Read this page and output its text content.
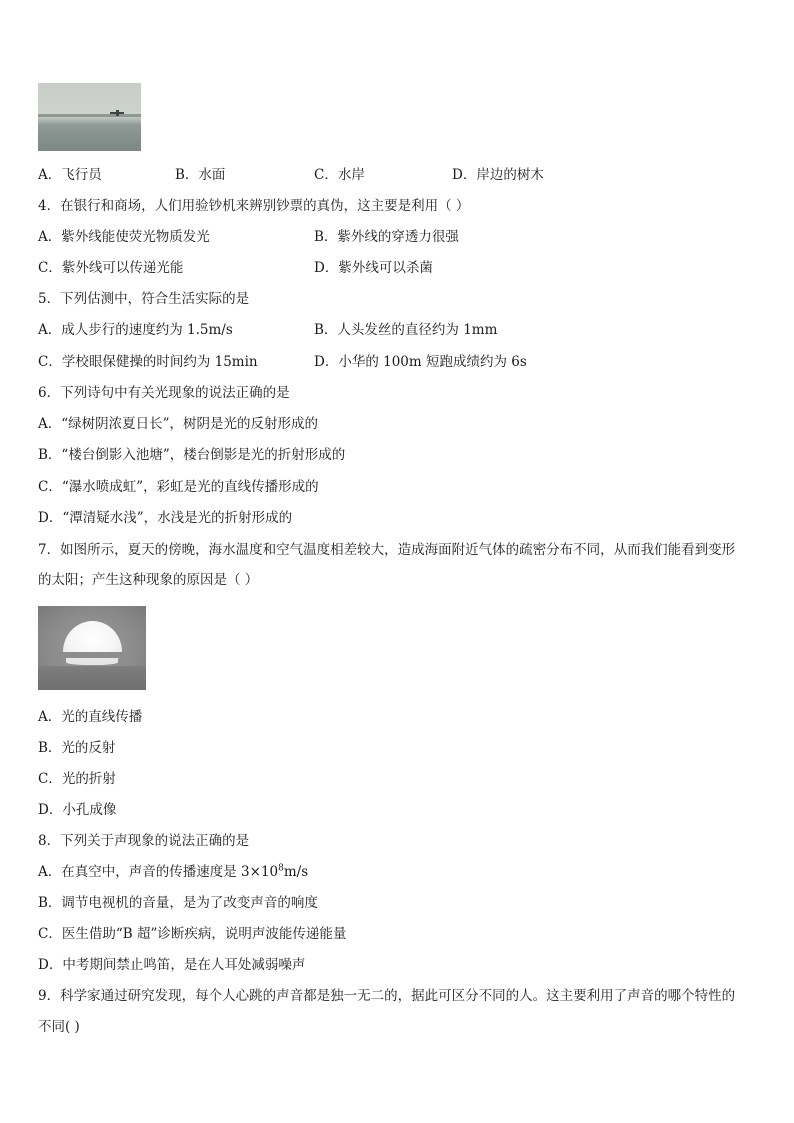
A．飞行员	B．水面	C．水岸	D．岸边的树木
4．在银行和商场，人们用验钞机来辨别钞票的真伪，这主要是利用（ ）
A．紫外线能使荧光物质发光	B．紫外线的穿透力很强
C．紫外线可以传递光能	D．紫外线可以杀菌
5．下列估测中，符合生活实际的是
A．成人步行的速度约为 1.5m/s	B．人头发丝的直径约为 1mm
C．学校眼保健操的时间约为 15min	D．小华的 100m 短跑成绩约为 6s
6．下列诗句中有关光现象的说法正确的是
A．“绿树阴浓夏日长”，树阴是光的反射形成的
B．“楼台倒影入池塘”，楼台倒影是光的折射形成的
C．“瀑水喷成虹”，彩虹是光的直线传播形成的
D．“潭清疑水浅”，水浅是光的折射形成的
7．如图所示，夏天的傍晚，海水温度和空气温度相差较大，造成海面附近气体的疏密分布不同，从而我们能看到变形
的太阳；产生这种现象的原因是（ ）
A．光的直线传播
B．光的反射
C．光的折射
D．小孔成像
8．下列关于声现象的说法正确的是
A．在真空中，声音的传播速度是 $3\times 10^8m/s$
B．调节电视机的音量，是为了改变声音的响度
C．医生借助“B 超”诊断疾病，说明声波能传递能量
D．中考期间禁止鸣笛，是在人耳处减弱噪声
9．科学家通过研究发现，每个人心跳的声音都是独一无二的，据此可区分不同的人。这主要利用了声音的哪个特性的
不同( )
